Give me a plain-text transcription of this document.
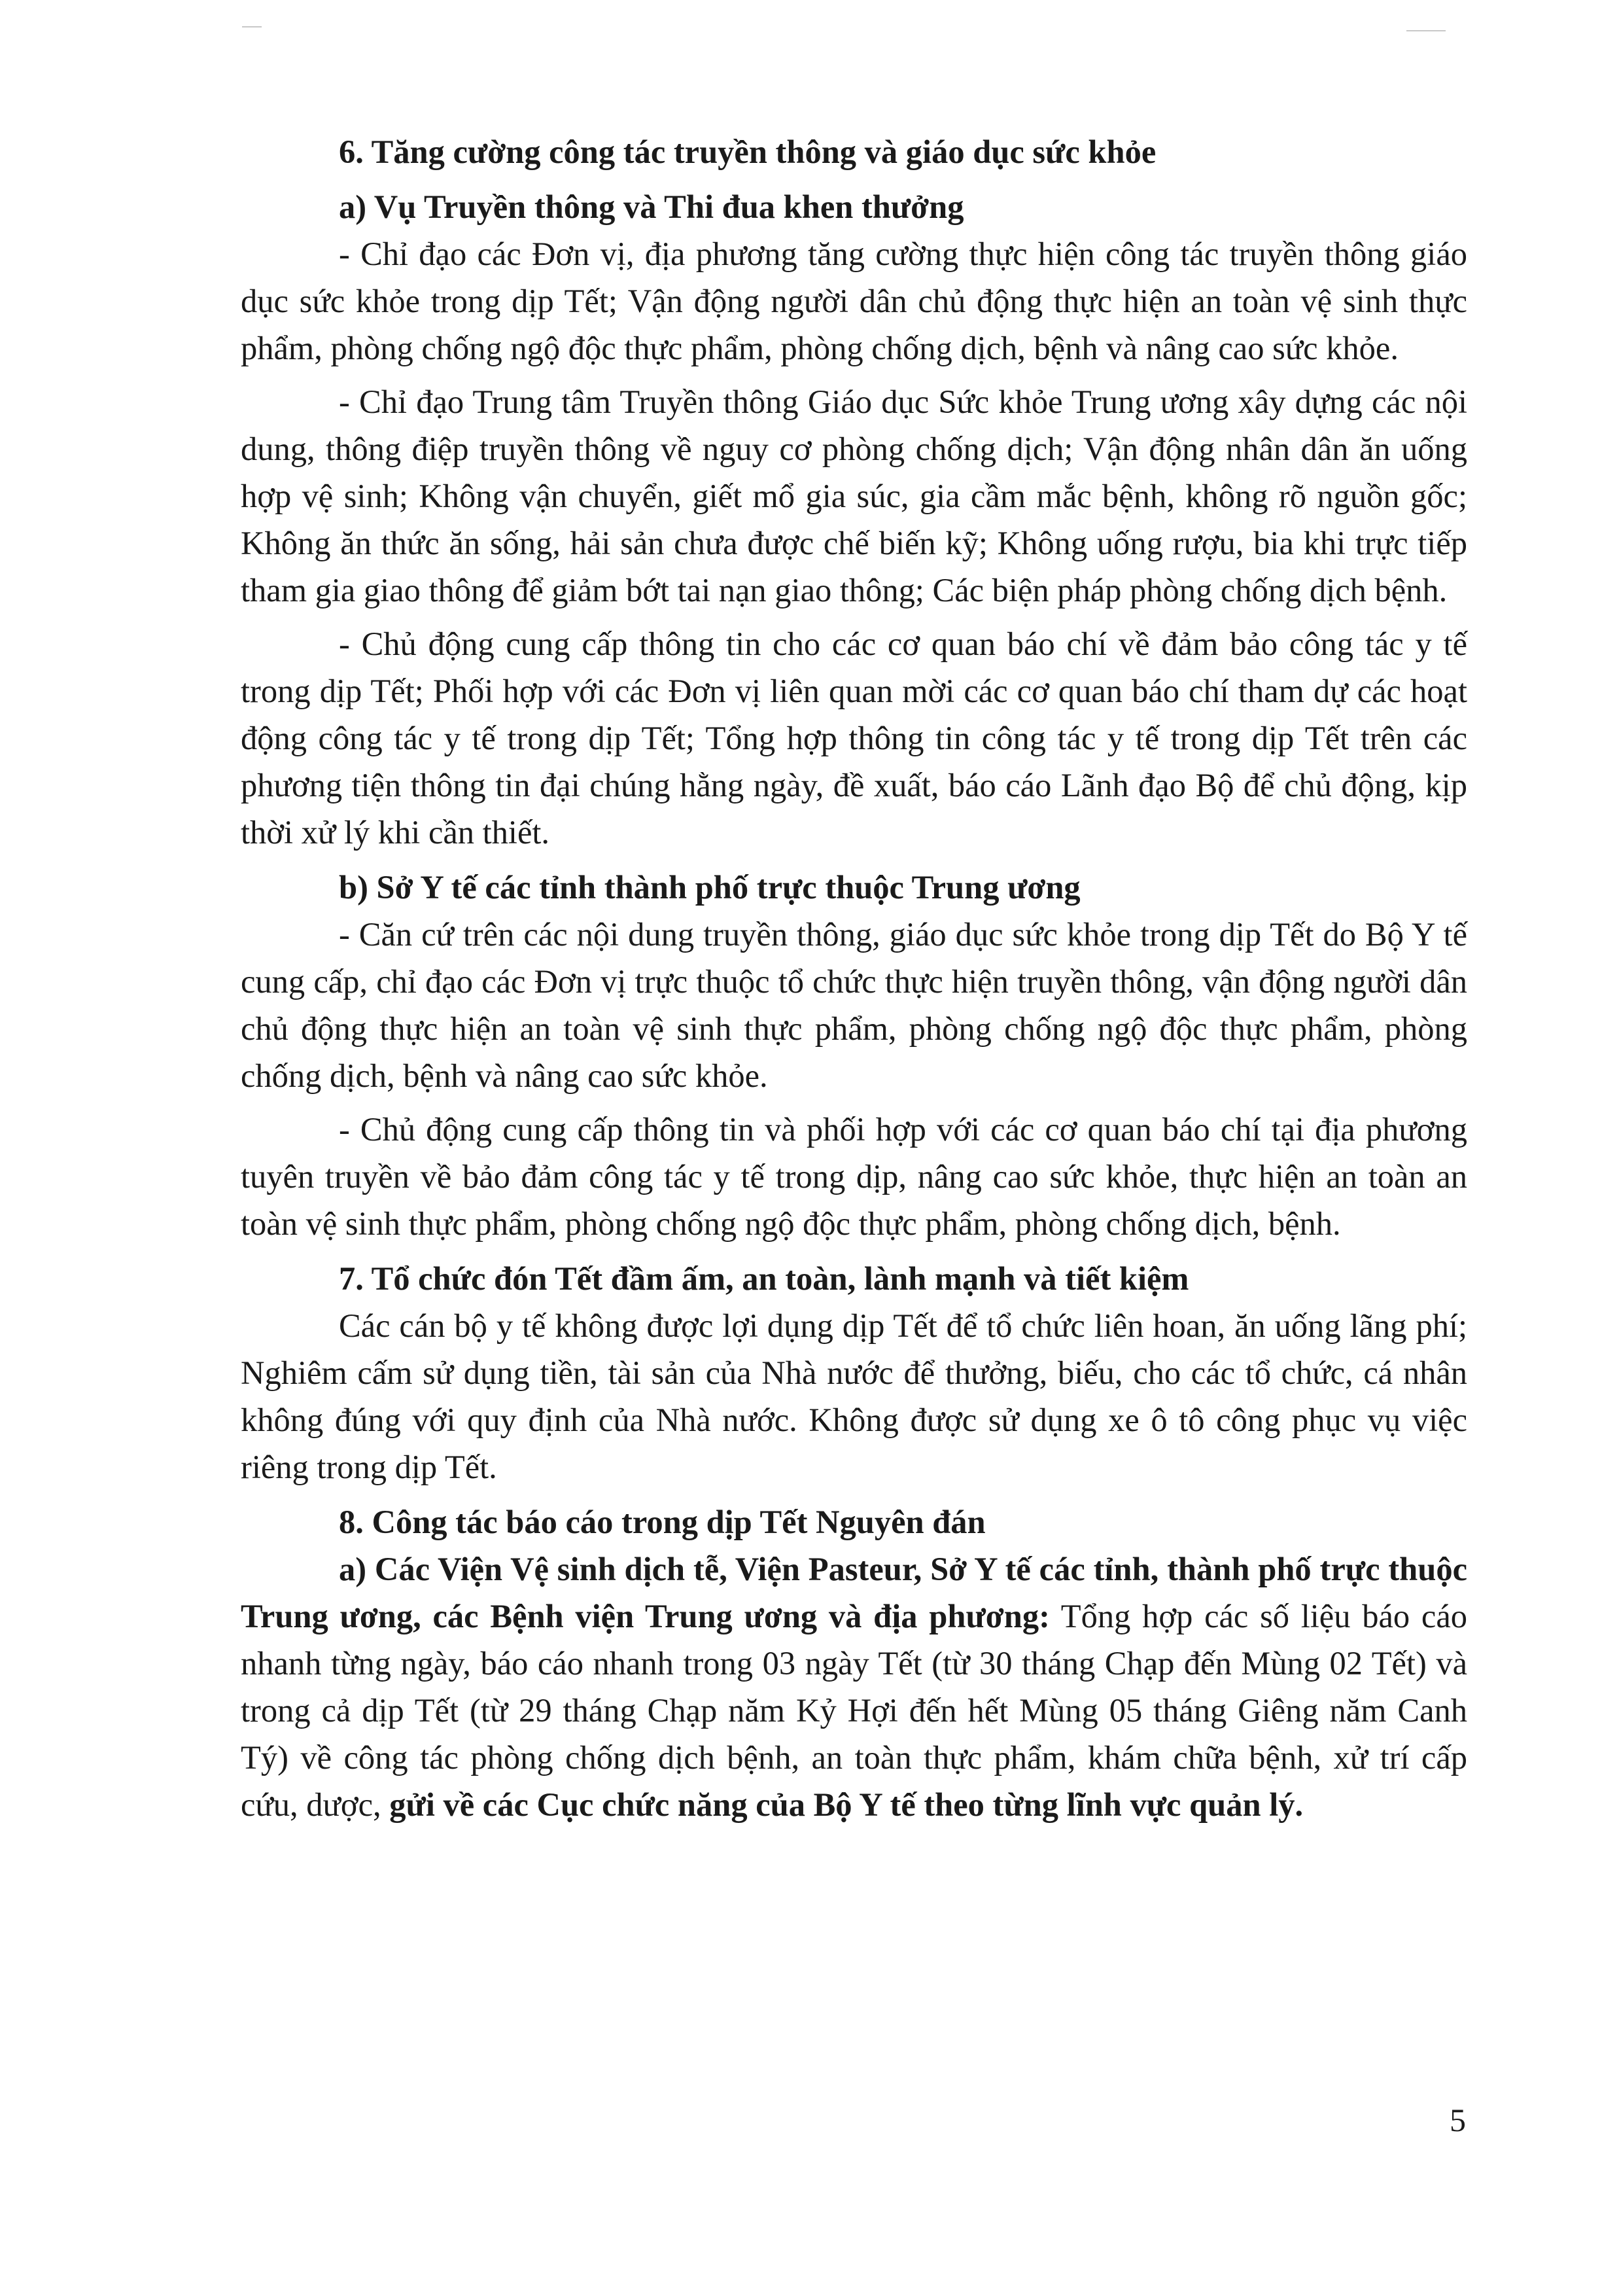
6. Tăng cường công tác truyền thông và giáo dục sức khỏe

a) Vụ Truyền thông và Thi đua khen thưởng

- Chỉ đạo các Đơn vị, địa phương tăng cường thực hiện công tác truyền thông giáo dục sức khỏe trong dịp Tết; Vận động người dân chủ động thực hiện an toàn vệ sinh thực phẩm, phòng chống ngộ độc thực phẩm, phòng chống dịch, bệnh và nâng cao sức khỏe.

- Chỉ đạo Trung tâm Truyền thông Giáo dục Sức khỏe Trung ương xây dựng các nội dung, thông điệp truyền thông về nguy cơ phòng chống dịch; Vận động nhân dân ăn uống hợp vệ sinh; Không vận chuyển, giết mổ gia súc, gia cầm mắc bệnh, không rõ nguồn gốc; Không ăn thức ăn sống, hải sản chưa được chế biến kỹ; Không uống rượu, bia khi trực tiếp tham gia giao thông để giảm bớt tai nạn giao thông; Các biện pháp phòng chống dịch bệnh.

- Chủ động cung cấp thông tin cho các cơ quan báo chí về đảm bảo công tác y tế trong dịp Tết; Phối hợp với các Đơn vị liên quan mời các cơ quan báo chí tham dự các hoạt động công tác y tế trong dịp Tết; Tổng hợp thông tin công tác y tế trong dịp Tết trên các phương tiện thông tin đại chúng hằng ngày, đề xuất, báo cáo Lãnh đạo Bộ để chủ động, kịp thời xử lý khi cần thiết.

b) Sở Y tế các tỉnh thành phố trực thuộc Trung ương

- Căn cứ trên các nội dung truyền thông, giáo dục sức khỏe trong dịp Tết do Bộ Y tế cung cấp, chỉ đạo các Đơn vị trực thuộc tổ chức thực hiện truyền thông, vận động người dân chủ động thực hiện an toàn vệ sinh thực phẩm, phòng chống ngộ độc thực phẩm, phòng chống dịch, bệnh và nâng cao sức khỏe.

- Chủ động cung cấp thông tin và phối hợp với các cơ quan báo chí tại địa phương tuyên truyền về bảo đảm công tác y tế trong dịp, nâng cao sức khỏe, thực hiện an toàn an toàn vệ sinh thực phẩm, phòng chống ngộ độc thực phẩm, phòng chống dịch, bệnh.

7. Tổ chức đón Tết đầm ấm, an toàn, lành mạnh và tiết kiệm

Các cán bộ y tế không được lợi dụng dịp Tết để tổ chức liên hoan, ăn uống lãng phí; Nghiêm cấm sử dụng tiền, tài sản của Nhà nước để thưởng, biếu, cho các tổ chức, cá nhân không đúng với quy định của Nhà nước. Không được sử dụng xe ô tô công phục vụ việc riêng trong dịp Tết.

8. Công tác báo cáo trong dịp Tết Nguyên đán

a) Các Viện Vệ sinh dịch tễ, Viện Pasteur, Sở Y tế các tỉnh, thành phố trực thuộc Trung ương, các Bệnh viện Trung ương và địa phương: Tổng hợp các số liệu báo cáo nhanh từng ngày, báo cáo nhanh trong 03 ngày Tết (từ 30 tháng Chạp đến Mùng 02 Tết) và trong cả dịp Tết (từ 29 tháng Chạp năm Kỷ Hợi đến hết Mùng 05 tháng Giêng năm Canh Tý) về công tác phòng chống dịch bệnh, an toàn thực phẩm, khám chữa bệnh, xử trí cấp cứu, dược, gửi về các Cục chức năng của Bộ Y tế theo từng lĩnh vực quản lý.

5
